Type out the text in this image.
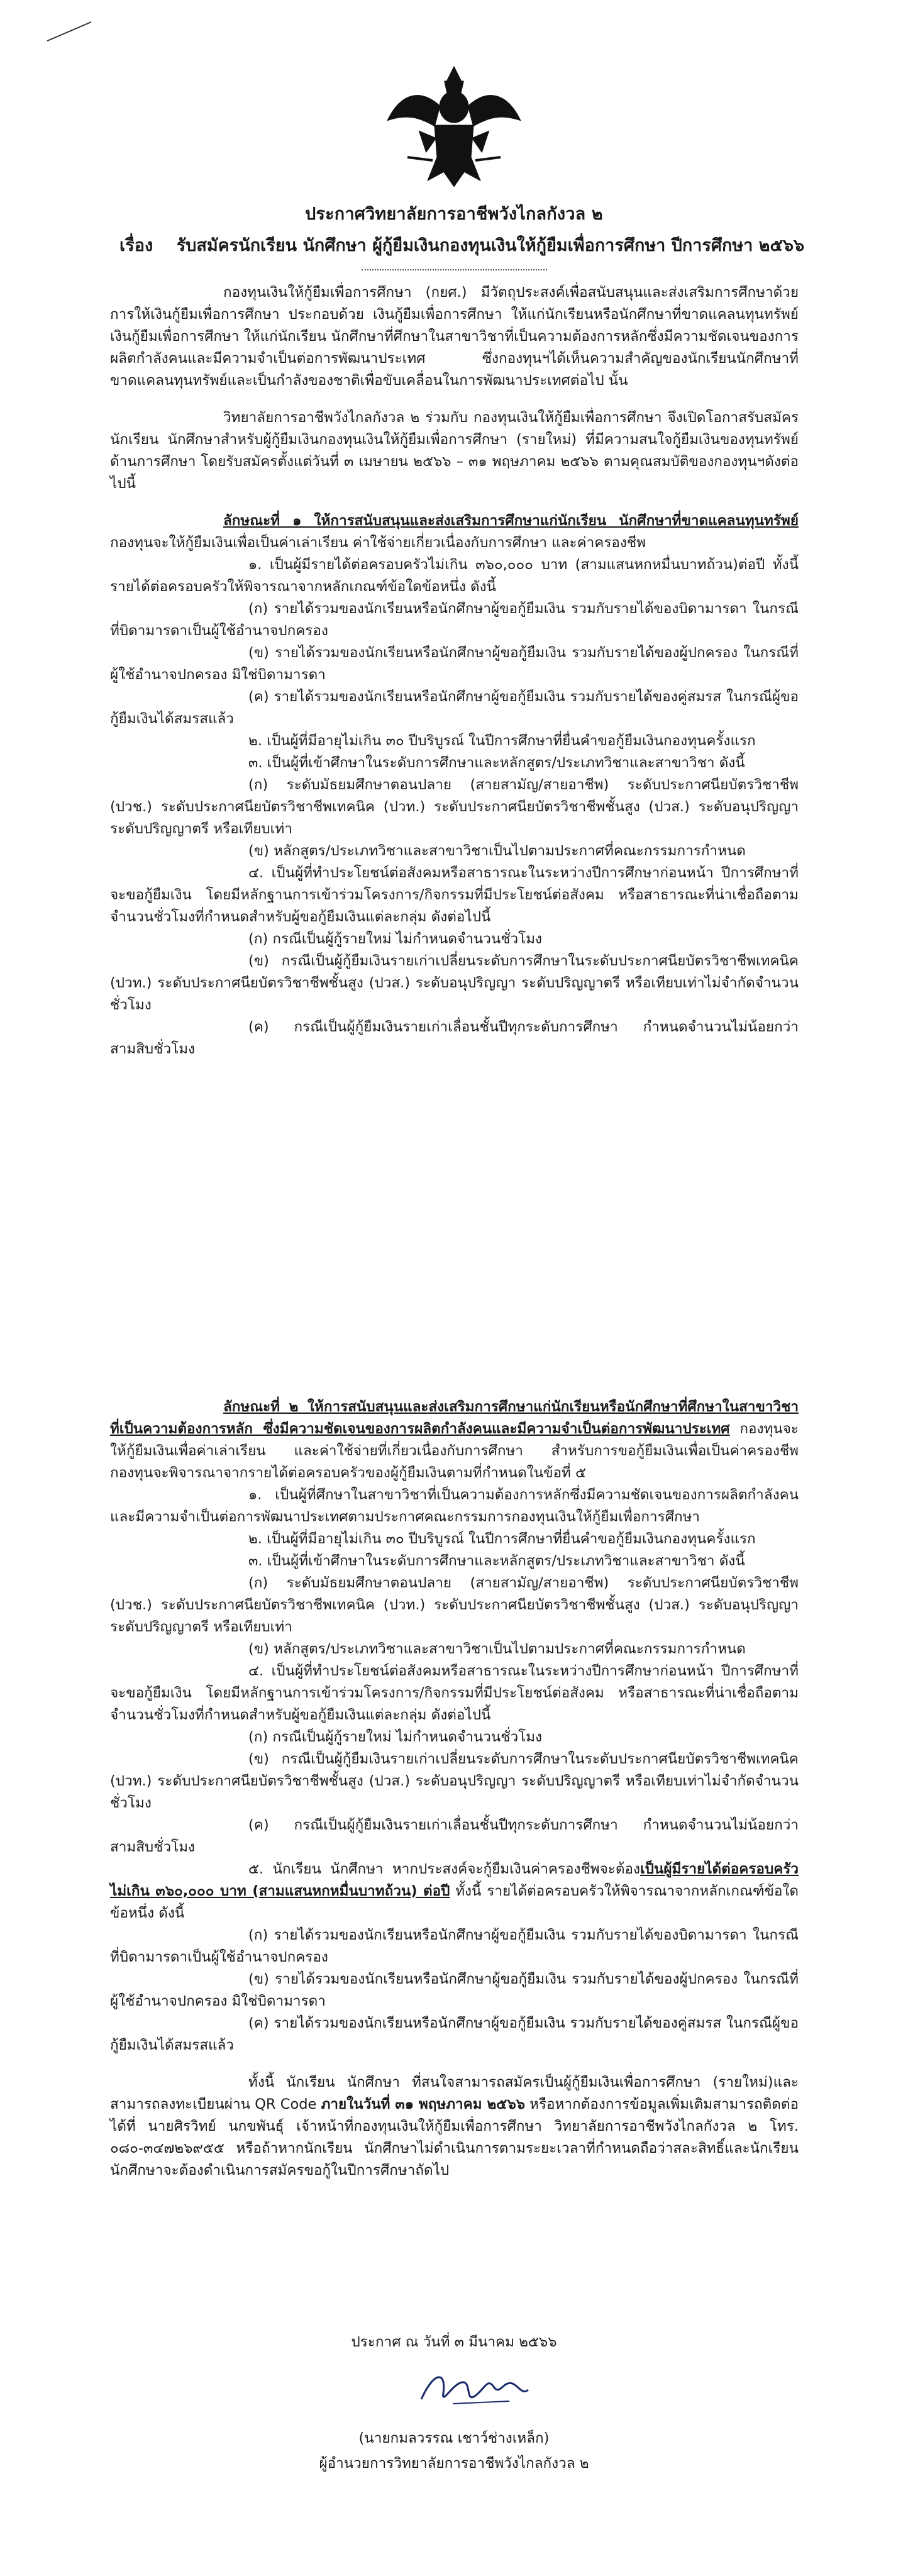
ประกาศวิทยาลัยการอาชีพวังไกลกังวล ๒
เรื่อง รับสมัครนักเรียน นักศึกษา ผู้กู้ยืมเงินกองทุนเงินให้กู้ยืมเพื่อการศึกษา ปีการศึกษา ๒๕๖๖

กองทุนเงินให้กู้ยืมเพื่อการศึกษา (กยศ.) มีวัตถุประสงค์เพื่อสนับสนุนและส่งเสริมการศึกษาด้วยการให้เงินกู้ยืมเพื่อการศึกษา ประกอบด้วย เงินกู้ยืมเพื่อการศึกษา ให้แก่นักเรียนหรือนักศึกษาที่ขาดแคลนทุนทรัพย์ เงินกู้ยืมเพื่อการศึกษา ให้แก่นักเรียน นักศึกษาที่ศึกษาในสาขาวิชาที่เป็นความต้องการหลักซึ่งมีความชัดเจนของการผลิตกำลังคนและมีความจำเป็นต่อการพัฒนาประเทศ ซึ่งกองทุนฯได้เห็นความสำคัญของนักเรียนนักศึกษาที่ขาดแคลนทุนทรัพย์และเป็นกำลังของชาติเพื่อขับเคลื่อนในการพัฒนาประเทศต่อไป นั้น

วิทยาลัยการอาชีพวังไกลกังวล ๒ ร่วมกับ กองทุนเงินให้กู้ยืมเพื่อการศึกษา จึงเปิดโอกาสรับสมัครนักเรียน นักศึกษาสำหรับผู้กู้ยืมเงินกองทุนเงินให้กู้ยืมเพื่อการศึกษา (รายใหม่) ที่มีความสนใจกู้ยืมเงินของทุนทรัพย์ด้านการศึกษา โดยรับสมัครตั้งแต่วันที่ ๓ เมษายน ๒๕๖๖ – ๓๑ พฤษภาคม ๒๕๖๖ ตามคุณสมบัติของกองทุนฯดังต่อไปนี้

ลักษณะที่ ๑ ให้การสนับสนุนและส่งเสริมการศึกษาแก่นักเรียน นักศึกษาที่ขาดแคลนทุนทรัพย์ กองทุนจะให้กู้ยืมเงินเพื่อเป็นค่าเล่าเรียน ค่าใช้จ่ายเกี่ยวเนื่องกับการศึกษา และค่าครองชีพ

๑. เป็นผู้มีรายได้ต่อครอบครัวไม่เกิน ๓๖๐,๐๐๐ บาท (สามแสนหกหมื่นบาทถ้วน)ต่อปี ทั้งนี้ รายได้ต่อครอบครัวให้พิจารณาจากหลักเกณฑ์ข้อใดข้อหนึ่ง ดังนี้

(ก) รายได้รวมของนักเรียนหรือนักศึกษาผู้ขอกู้ยืมเงิน รวมกับรายได้ของบิดามารดา ในกรณีที่บิดามารดาเป็นผู้ใช้อำนาจปกครอง

(ข) รายได้รวมของนักเรียนหรือนักศึกษาผู้ขอกู้ยืมเงิน รวมกับรายได้ของผู้ปกครอง ในกรณีที่ผู้ใช้อำนาจปกครอง มิใช่บิดามารดา

(ค) รายได้รวมของนักเรียนหรือนักศึกษาผู้ขอกู้ยืมเงิน รวมกับรายได้ของคู่สมรส ในกรณีผู้ขอกู้ยืมเงินได้สมรสแล้ว

๒. เป็นผู้ที่มีอายุไม่เกิน ๓๐ ปีบริบูรณ์ ในปีการศึกษาที่ยื่นคำขอกู้ยืมเงินกองทุนครั้งแรก

๓. เป็นผู้ที่เข้าศึกษาในระดับการศึกษาและหลักสูตร/ประเภทวิชาและสาขาวิชา ดังนี้

(ก) ระดับมัธยมศึกษาตอนปลาย (สายสามัญ/สายอาชีพ) ระดับประกาศนียบัตรวิชาชีพ (ปวช.) ระดับประกาศนียบัตรวิชาชีพเทคนิค (ปวท.) ระดับประกาศนียบัตรวิชาชีพชั้นสูง (ปวส.) ระดับอนุปริญญา ระดับปริญญาตรี หรือเทียบเท่า

(ข) หลักสูตร/ประเภทวิชาและสาขาวิชาเป็นไปตามประกาศที่คณะกรรมการกำหนด

๔. เป็นผู้ที่ทำประโยชน์ต่อสังคมหรือสาธารณะในระหว่างปีการศึกษาก่อนหน้า ปีการศึกษาที่จะขอกู้ยืมเงิน โดยมีหลักฐานการเข้าร่วมโครงการ/กิจกรรมที่มีประโยชน์ต่อสังคม หรือสาธารณะที่น่าเชื่อถือตามจำนวนชั่วโมงที่กำหนดสำหรับผู้ขอกู้ยืมเงินแต่ละกลุ่ม ดังต่อไปนี้

(ก) กรณีเป็นผู้กู้รายใหม่ ไม่กำหนดจำนวนชั่วโมง

(ข) กรณีเป็นผู้กู้ยืมเงินรายเก่าเปลี่ยนระดับการศึกษาในระดับประกาศนียบัตรวิชาชีพเทคนิค (ปวท.) ระดับประกาศนียบัตรวิชาชีพชั้นสูง (ปวส.) ระดับอนุปริญญา ระดับปริญญาตรี หรือเทียบเท่าไม่จำกัดจำนวนชั่วโมง

(ค) กรณีเป็นผู้กู้ยืมเงินรายเก่าเลื่อนชั้นปีทุกระดับการศึกษา กำหนดจำนวนไม่น้อยกว่าสามสิบชั่วโมง

ลักษณะที่ ๒ ให้การสนับสนุนและส่งเสริมการศึกษาแก่นักเรียนหรือนักศึกษาที่ศึกษาในสาขาวิชาที่เป็นความต้องการหลัก ซึ่งมีความชัดเจนของการผลิตกำลังคนและมีความจำเป็นต่อการพัฒนาประเทศ กองทุนจะให้กู้ยืมเงินเพื่อค่าเล่าเรียน และค่าใช้จ่ายที่เกี่ยวเนื่องกับการศึกษา สำหรับการขอกู้ยืมเงินเพื่อเป็นค่าครองชีพ กองทุนจะพิจารณาจากรายได้ต่อครอบครัวของผู้กู้ยืมเงินตามที่กำหนดในข้อที่ ๕

๑. เป็นผู้ที่ศึกษาในสาขาวิชาที่เป็นความต้องการหลักซึ่งมีความชัดเจนของการผลิตกำลังคนและมีความจำเป็นต่อการพัฒนาประเทศตามประกาศคณะกรรมการกองทุนเงินให้กู้ยืมเพื่อการศึกษา

๒. เป็นผู้ที่มีอายุไม่เกิน ๓๐ ปีบริบูรณ์ ในปีการศึกษาที่ยื่นคำขอกู้ยืมเงินกองทุนครั้งแรก

๓. เป็นผู้ที่เข้าศึกษาในระดับการศึกษาและหลักสูตร/ประเภทวิชาและสาขาวิชา ดังนี้

(ก) ระดับมัธยมศึกษาตอนปลาย (สายสามัญ/สายอาชีพ) ระดับประกาศนียบัตรวิชาชีพ (ปวช.) ระดับประกาศนียบัตรวิชาชีพเทคนิค (ปวท.) ระดับประกาศนียบัตรวิชาชีพชั้นสูง (ปวส.) ระดับอนุปริญญา ระดับปริญญาตรี หรือเทียบเท่า

(ข) หลักสูตร/ประเภทวิชาและสาขาวิชาเป็นไปตามประกาศที่คณะกรรมการกำหนด

๔. เป็นผู้ที่ทำประโยชน์ต่อสังคมหรือสาธารณะในระหว่างปีการศึกษาก่อนหน้า ปีการศึกษาที่จะขอกู้ยืมเงิน โดยมีหลักฐานการเข้าร่วมโครงการ/กิจกรรมที่มีประโยชน์ต่อสังคม หรือสาธารณะที่น่าเชื่อถือตามจำนวนชั่วโมงที่กำหนดสำหรับผู้ขอกู้ยืมเงินแต่ละกลุ่ม ดังต่อไปนี้

(ก) กรณีเป็นผู้กู้รายใหม่ ไม่กำหนดจำนวนชั่วโมง

(ข) กรณีเป็นผู้กู้ยืมเงินรายเก่าเปลี่ยนระดับการศึกษาในระดับประกาศนียบัตรวิชาชีพเทคนิค (ปวท.) ระดับประกาศนียบัตรวิชาชีพชั้นสูง (ปวส.) ระดับอนุปริญญา ระดับปริญญาตรี หรือเทียบเท่าไม่จำกัดจำนวนชั่วโมง

(ค) กรณีเป็นผู้กู้ยืมเงินรายเก่าเลื่อนชั้นปีทุกระดับการศึกษา กำหนดจำนวนไม่น้อยกว่าสามสิบชั่วโมง

๕. นักเรียน นักศึกษา หากประสงค์จะกู้ยืมเงินค่าครองชีพจะต้องเป็นผู้มีรายได้ต่อครอบครัวไม่เกิน ๓๖๐,๐๐๐ บาท (สามแสนหกหมื่นบาทถ้วน) ต่อปี ทั้งนี้ รายได้ต่อครอบครัวให้พิจารณาจากหลักเกณฑ์ข้อใดข้อหนึ่ง ดังนี้

(ก) รายได้รวมของนักเรียนหรือนักศึกษาผู้ขอกู้ยืมเงิน รวมกับรายได้ของบิดามารดา ในกรณีที่บิดามารดาเป็นผู้ใช้อำนาจปกครอง

(ข) รายได้รวมของนักเรียนหรือนักศึกษาผู้ขอกู้ยืมเงิน รวมกับรายได้ของผู้ปกครอง ในกรณีที่ผู้ใช้อำนาจปกครอง มิใช่บิดามารดา

(ค) รายได้รวมของนักเรียนหรือนักศึกษาผู้ขอกู้ยืมเงิน รวมกับรายได้ของคู่สมรส ในกรณีผู้ขอกู้ยืมเงินได้สมรสแล้ว

ทั้งนี้ นักเรียน นักศึกษา ที่สนใจสามารถสมัครเป็นผู้กู้ยืมเงินเพื่อการศึกษา (รายใหม่)และสามารถลงทะเบียนผ่าน QR Code ภายในวันที่ ๓๑ พฤษภาคม ๒๕๖๖ หรือหากต้องการข้อมูลเพิ่มเติมสามารถติดต่อได้ที่ นายศิรวิทย์ นกขพันธุ์ เจ้าหน้าที่กองทุนเงินให้กู้ยืมเพื่อการศึกษา วิทยาลัยการอาชีพวังไกลกังวล ๒ โทร. ๐๘๐-๓๔๗๒๖๙๕๕ หรือถ้าหากนักเรียน นักศึกษาไม่ดำเนินการตามระยะเวลาที่กำหนดถือว่าสละสิทธิ์และนักเรียน นักศึกษาจะต้องดำเนินการสมัครขอกู้ในปีการศึกษาถัดไป

ประกาศ ณ วันที่ ๓ มีนาคม ๒๕๖๖
(นายกมลวรรณ เชาว์ช่างเหล็ก)
ผู้อำนวยการวิทยาลัยการอาชีพวังไกลกังวล ๒
